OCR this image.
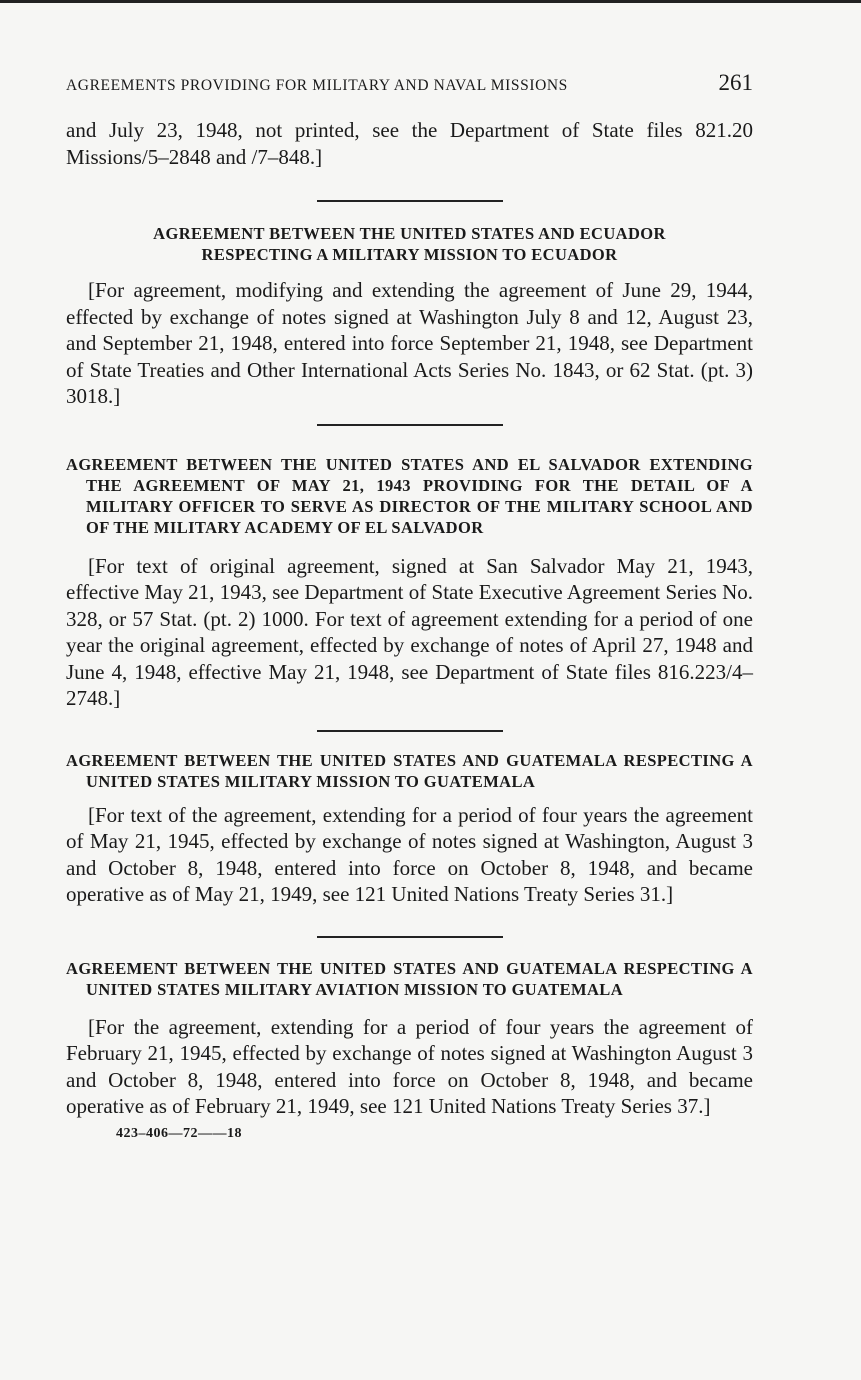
AGREEMENTS PROVIDING FOR MILITARY AND NAVAL MISSIONS	261

and July 23, 1948, not printed, see the Department of State files 821.20 Missions/5–2848 and /7–848.]

AGREEMENT BETWEEN THE UNITED STATES AND ECUADOR RESPECTING A MILITARY MISSION TO ECUADOR

[For agreement, modifying and extending the agreement of June 29, 1944, effected by exchange of notes signed at Washington July 8 and 12, August 23, and September 21, 1948, entered into force September 21, 1948, see Department of State Treaties and Other International Acts Series No. 1843, or 62 Stat. (pt. 3) 3018.]

AGREEMENT BETWEEN THE UNITED STATES AND EL SALVADOR EXTENDING THE AGREEMENT OF MAY 21, 1943 PROVIDING FOR THE DETAIL OF A MILITARY OFFICER TO SERVE AS DIRECTOR OF THE MILITARY SCHOOL AND OF THE MILITARY ACADEMY OF EL SALVADOR

[For text of original agreement, signed at San Salvador May 21, 1943, effective May 21, 1943, see Department of State Executive Agreement Series No. 328, or 57 Stat. (pt. 2) 1000. For text of agreement extending for a period of one year the original agreement, effected by exchange of notes of April 27, 1948 and June 4, 1948, effective May 21, 1948, see Department of State files 816.223/4–2748.]

AGREEMENT BETWEEN THE UNITED STATES AND GUATEMALA RESPECTING A UNITED STATES MILITARY MISSION TO GUATEMALA

[For text of the agreement, extending for a period of four years the agreement of May 21, 1945, effected by exchange of notes signed at Washington, August 3 and October 8, 1948, entered into force on October 8, 1948, and became operative as of May 21, 1949, see 121 United Nations Treaty Series 31.]

AGREEMENT BETWEEN THE UNITED STATES AND GUATEMALA RESPECTING A UNITED STATES MILITARY AVIATION MISSION TO GUATEMALA

[For the agreement, extending for a period of four years the agreement of February 21, 1945, effected by exchange of notes signed at Washington August 3 and October 8, 1948, entered into force on October 8, 1948, and became operative as of February 21, 1949, see 121 United Nations Treaty Series 37.]

423–406—72——18
